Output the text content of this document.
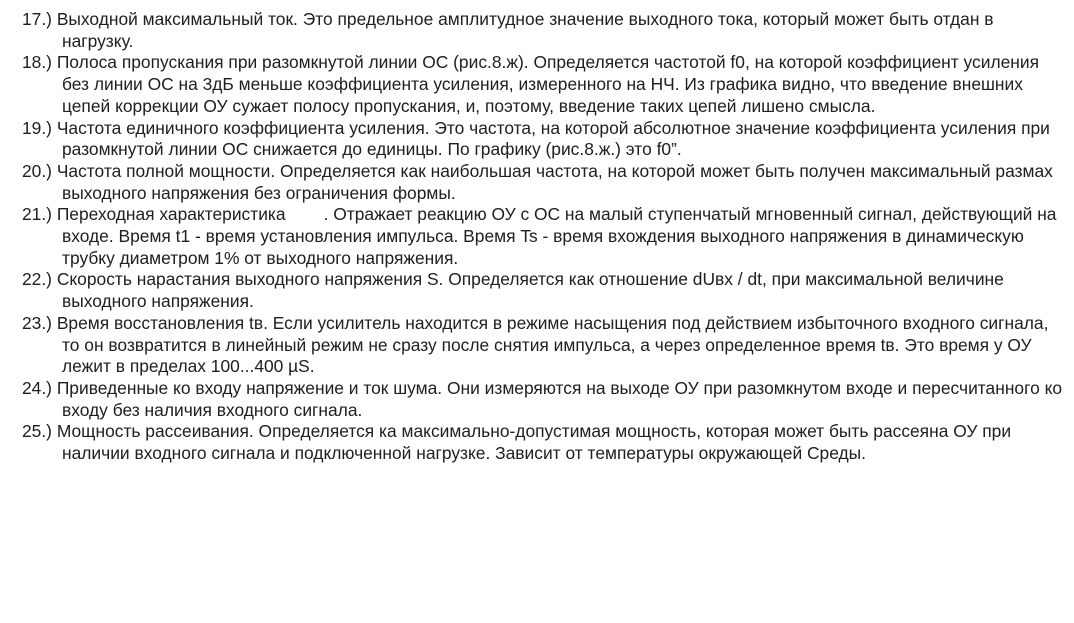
17.) Выходной максимальный ток. Это предельное амплитудное значение выходного тока, который может быть отдан в нагрузку.

18.) Полоса пропускания при разомкнутой линии ОС (рис.8.ж). Определяется частотой f0, на которой коэффициент усиления без линии ОС на 3дБ меньше коэффициента усиления, измеренного на НЧ. Из графика видно, что введение внешних цепей коррекции ОУ сужает полосу пропускания, и, поэтому, введение таких цепей лишено смысла.

19.) Частота единичного коэффициента усиления. Это частота, на которой абсолютное значение коэффициента усиления при разомкнутой линии ОС снижается до единицы. По графику (рис.8.ж.) это f0”.

20.) Частота полной мощности. Определяется как наибольшая частота, на которой может быть получен максимальный размах выходного напряжения без ограничения формы.

21.) Переходная характеристика . Отражает реакцию ОУ с ОС на малый ступенчатый мгновенный сигнал, действующий на входе. Время t1 - время установления импульса. Время Ts - время вхождения выходного напряжения в динамическую трубку диаметром 1% от выходного напряжения.

22.) Скорость нарастания выходного напряжения S. Определяется как отношение dUвх / dt, при максимальной величине выходного напряжения.

23.) Время восстановления tв. Если усилитель находится в режиме насыщения под действием избыточного входного сигнала, то он возвратится в линейный режим не сразу после снятия импульса, а через определенное время tв. Это время у ОУ лежит в пределах 100...400 µS.

24.) Приведенные ко входу напряжение и ток шума. Они измеряются на выходе ОУ при разомкнутом входе и пересчитанного ко входу без наличия входного сигнала.

25.) Мощность рассеивания. Определяется ка максимально-допустимая мощность, которая может быть рассеяна ОУ при наличии входного сигнала и подключенной нагрузке. Зависит от температуры окружающей Среды.
